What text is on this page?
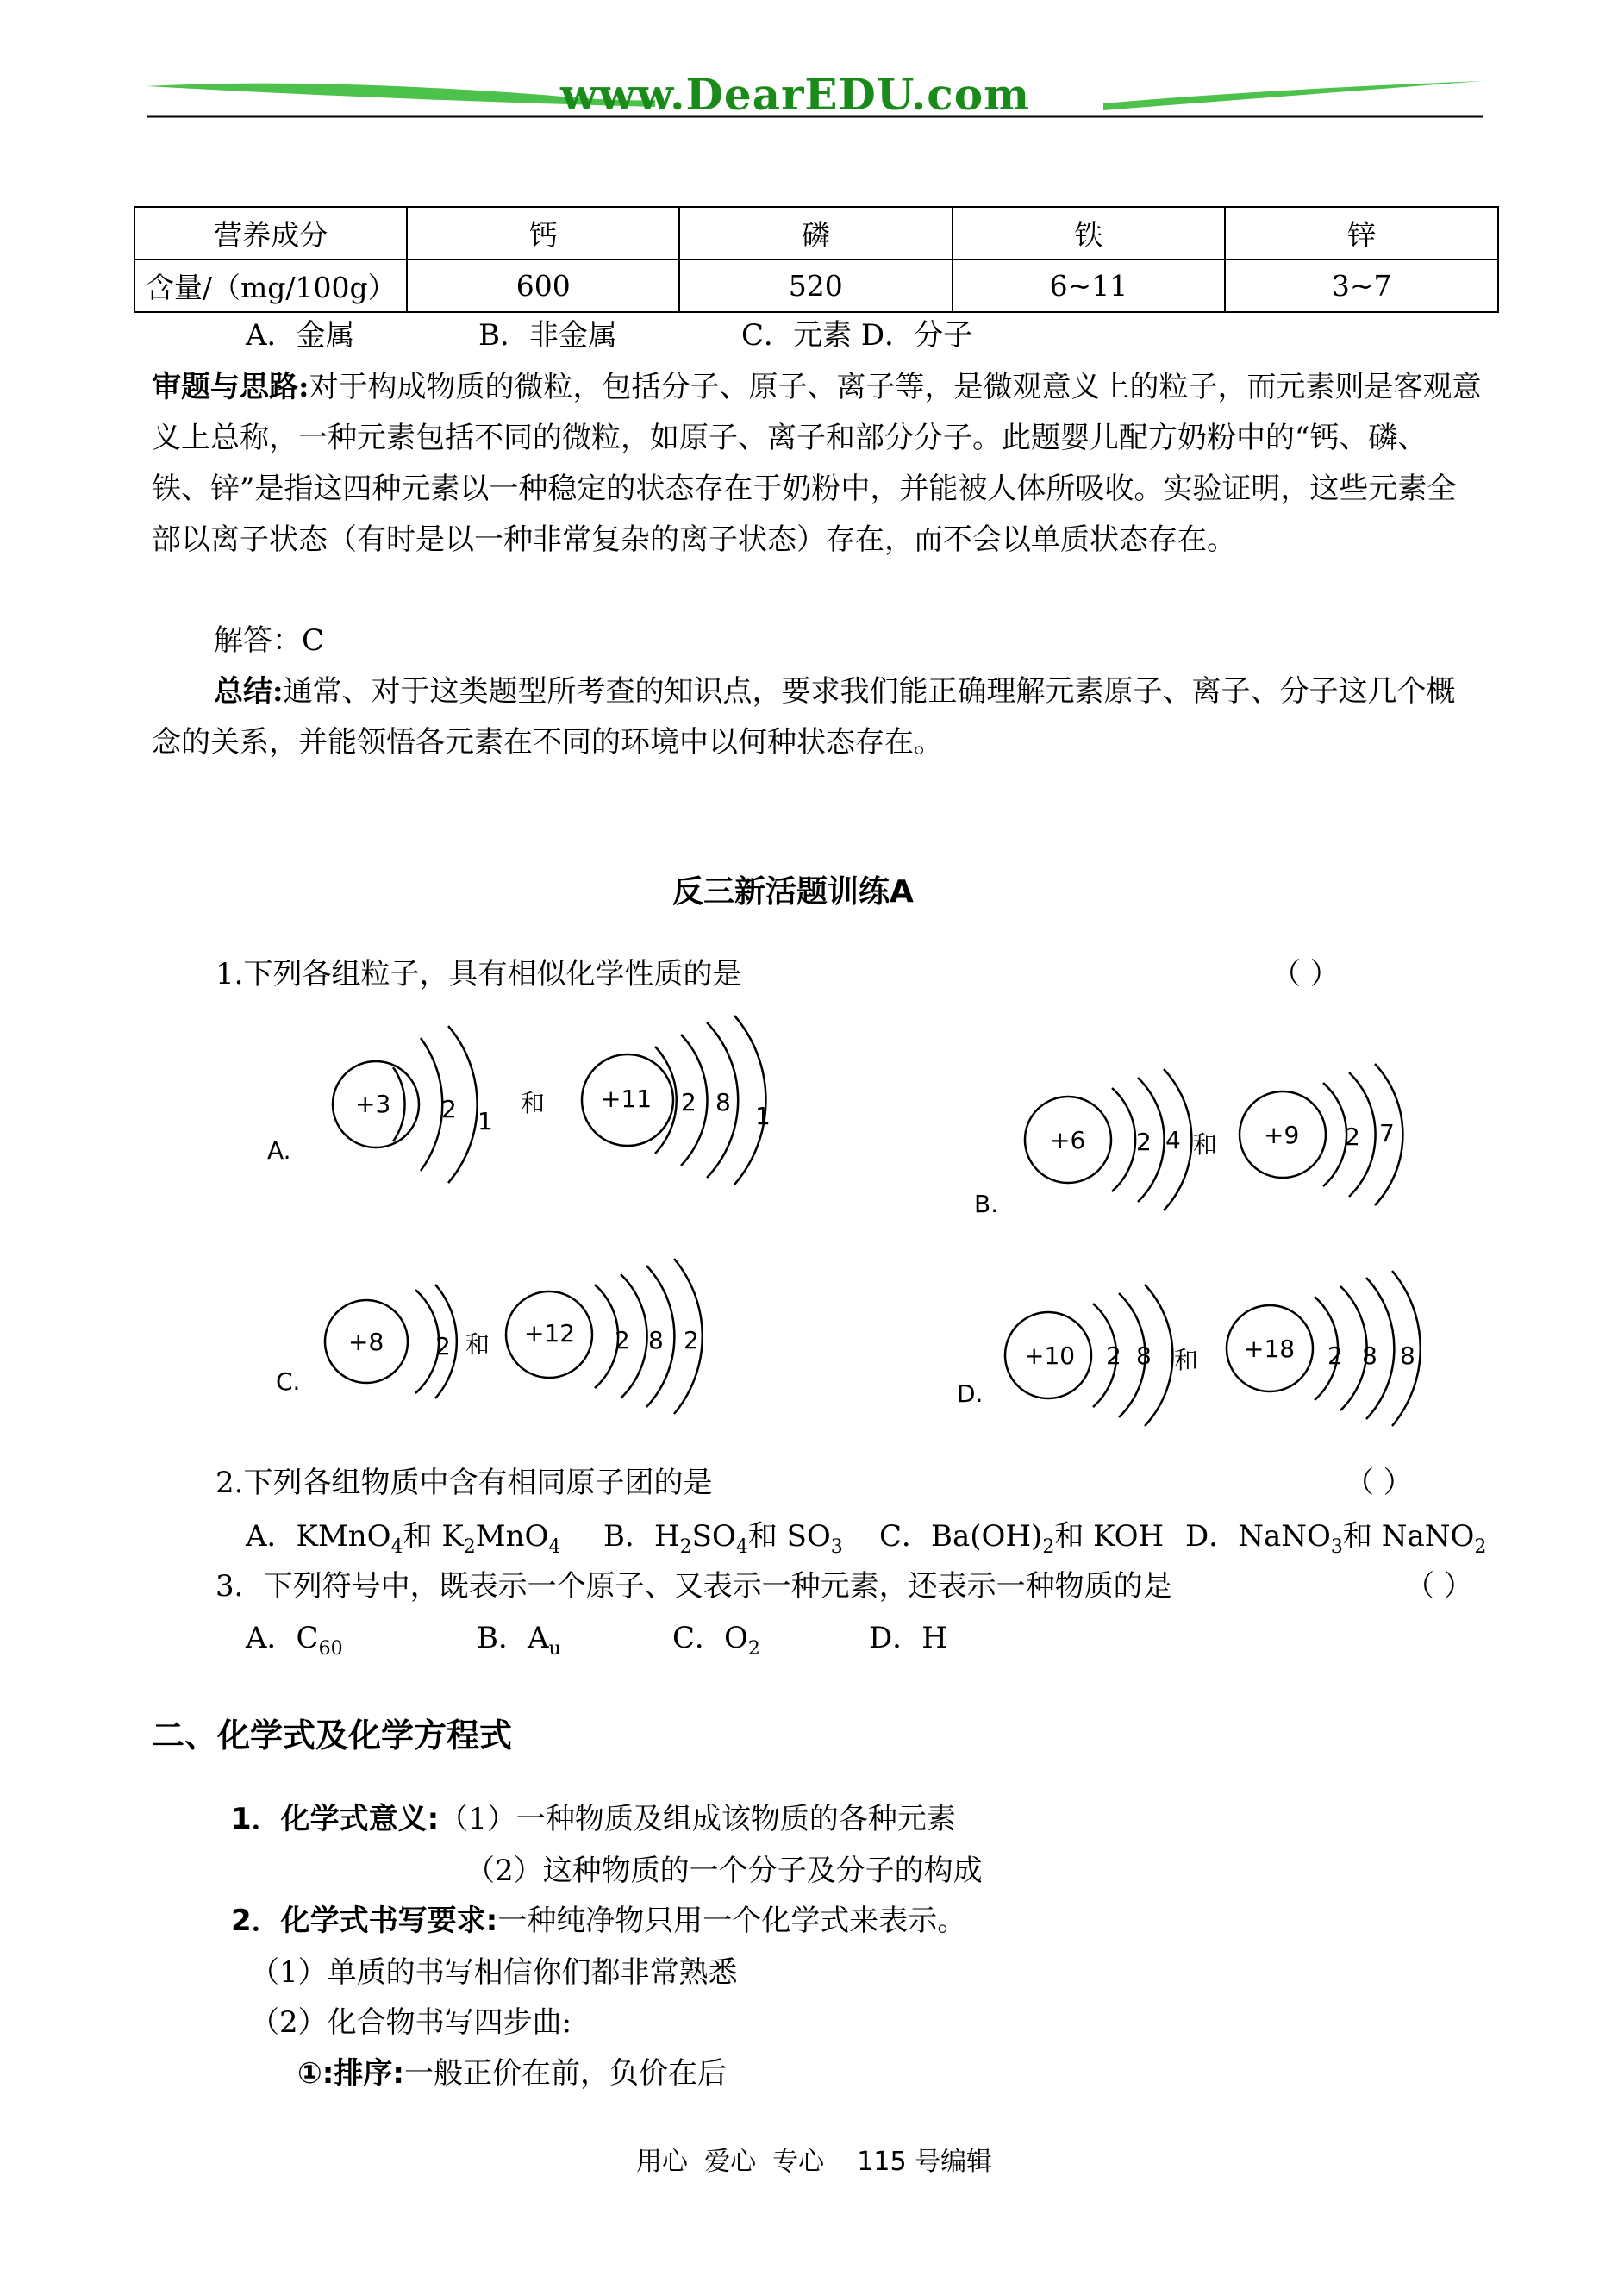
www.DearEDU.com
营养成分	钙	磷	铁	锌
含量/（mg/100g）	600	520	6~11	3~7
A．金属	B．非金属	C．元素 D．分子
审题与思路:对于构成物质的微粒，包括分子、原子、离子等，是微观意义上的粒子，而元素则是客观意义上总称，一种元素包括不同的微粒，如原子、离子和部分分子。此题婴儿配方奶粉中的“钙、磷、铁、锌”是指这四种元素以一种稳定的状态存在于奶粉中，并能被人体所吸收。实验证明，这些元素全部以离子状态（有时是以一种非常复杂的离子状态）存在，而不会以单质状态存在。
解答：C
总结:通常、对于这类题型所考查的知识点，要求我们能正确理解元素原子、离子、分子这几个概念的关系，并能领悟各元素在不同的环境中以何种状态存在。
反三新活题训练A
1.下列各组粒子，具有相似化学性质的是	（ ）
A.
+3 2 1
和 +11 2 8 1
B.
+6 2 4 和 +9 2 7
C.
+8 2 和 +12 2 8 2
D.
+10 2 8 和 +18 2 8 8
2.下列各组物质中含有相同原子团的是	（ ）
A．KMnO$_4$和 $K_2MnO_4$ B．$H_2SO_4$和 $SO_3$ C．$Ba(OH)_2$和 KOH D．NaNO$_3$和 NaNO$_2$
3．下列符号中，既表示一个原子、又表示一种元素，还表示一种物质的是	（ ）
A．$C_{60}$	B．$A_u$	C．$O_2$	D．H
二、化学式及化学方程式
1．化学式意义:（1）一种物质及组成该物质的各种元素
（2）这种物质的一个分子及分子的构成
2．化学式书写要求:一种纯净物只用一个化学式来表示。
（1）单质的书写相信你们都非常熟悉
（2）化合物书写四步曲:
①:排序:一般正价在前，负价在后
用心  爱心  专心    115 号编辑
